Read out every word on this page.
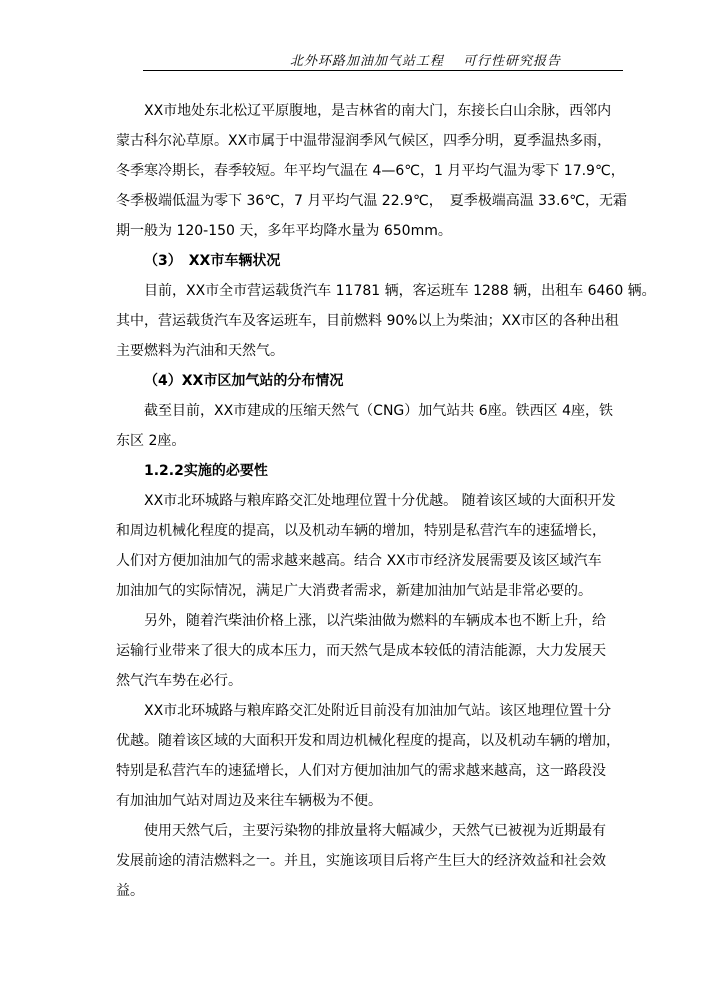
北外环路加油加气站工程　 可行性研究报告
XX市地处东北松辽平原腹地，是吉林省的南大门，东接长白山余脉，西邻内
蒙古科尔沁草原。XX市属于中温带湿润季风气候区，四季分明，夏季温热多雨，
冬季寒冷期长，春季较短。年平均气温在 4—6℃，1 月平均气温为零下 17.9℃，
冬季极端低温为零下 36℃，7 月平均气温 22.9℃，　夏季极端高温 33.6℃，无霜
期一般为 120-150 天，多年平均降水量为 650mm。
（3）　XX市车辆状况
目前，XX市全市营运载货汽车 11781 辆，客运班车 1288 辆，出租车 6460 辆。
其中，营运载货汽车及客运班车，目前燃料 90%以上为柴油；XX市区的各种出租
主要燃料为汽油和天然气。
（4）XX市区加气站的分布情况
截至目前，XX市建成的压缩天然气（CNG）加气站共 6座。铁西区 4座，铁
东区 2座。
1.2.2实施的必要性
XX市北环城路与粮库路交汇处地理位置十分优越。 随着该区域的大面积开发
和周边机械化程度的提高，以及机动车辆的增加，特别是私营汽车的速猛增长，
人们对方便加油加气的需求越来越高。结合 XX市市经济发展需要及该区域汽车
加油加气的实际情况，满足广大消费者需求，新建加油加气站是非常必要的。
另外，随着汽柴油价格上涨，以汽柴油做为燃料的车辆成本也不断上升，给
运输行业带来了很大的成本压力，而天然气是成本较低的清洁能源，大力发展天
然气汽车势在必行。
XX市北环城路与粮库路交汇处附近目前没有加油加气站。该区地理位置十分
优越。随着该区域的大面积开发和周边机械化程度的提高，以及机动车辆的增加，
特别是私营汽车的速猛增长，人们对方便加油加气的需求越来越高，这一路段没
有加油加气站对周边及来往车辆极为不便。
使用天然气后，主要污染物的排放量将大幅减少，天然气已被视为近期最有
发展前途的清洁燃料之一。并且，实施该项目后将产生巨大的经济效益和社会效
益。
